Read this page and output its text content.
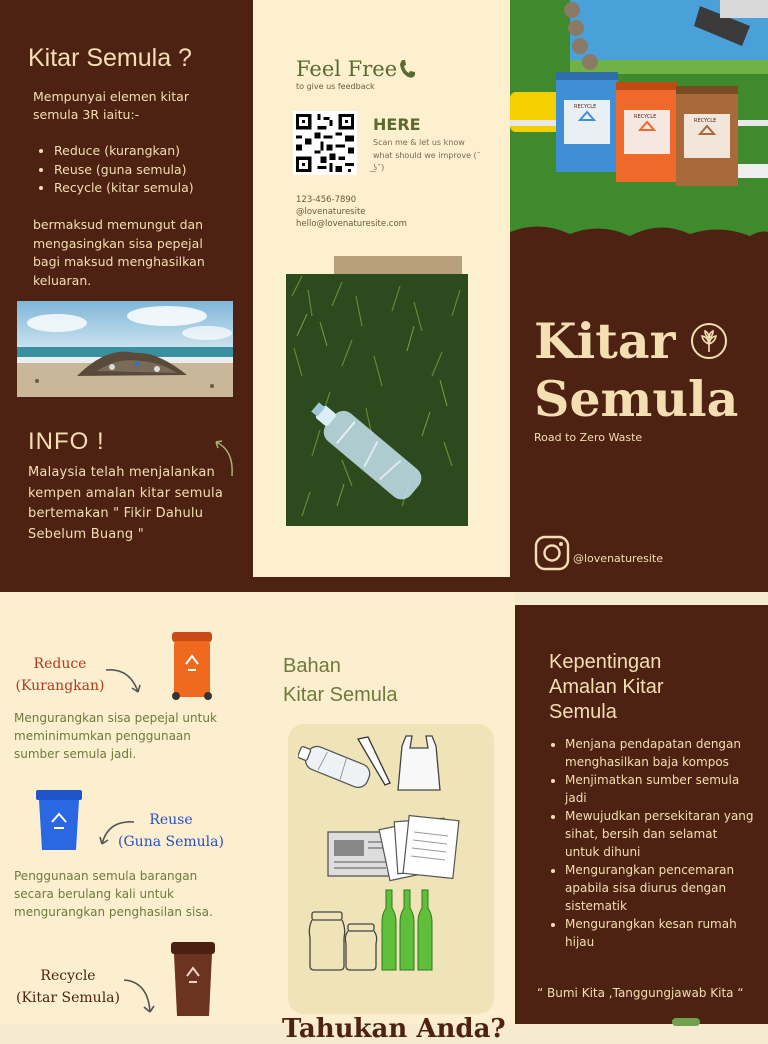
Kitar Semula ?
Mempunyai elemen kitar semula 3R iaitu:-
• Reduce (kurangkan)
• Reuse (guna semula)
• Recycle (kitar semula)
bermaksud memungut dan mengasingkan sisa pepejal bagi maksud menghasilkan keluaran.
INFO !
Malaysia telah menjalankan kempen amalan kitar semula bertemakan " Fikir Dahulu Sebelum Buang "
Feel Free
to give us feedback
HERE
Scan me & let us know what should we improve (˘ ͜ʖ˘)
123-456-7890
@lovenaturesite
hello@lovenaturesite.com
RECYCLE
RECYCLE
RECYCLE
Kitar
Semula
Road to Zero Waste
@lovenaturesite
Reduce
(Kurangkan)
Mengurangkan sisa pepejal untuk meminimumkan penggunaan sumber semula jadi.
Reuse
(Guna Semula)
Penggunaan semula barangan secara berulang kali untuk mengurangkan penghasilan sisa.
Recycle
(Kitar Semula)
Bahan
Kitar Semula
Tahukan Anda?
Kepentingan
Amalan Kitar
Semula
• Menjana pendapatan dengan menghasilkan baja kompos
• Menjimatkan sumber semula jadi
• Mewujudkan persekitaran yang sihat, bersih dan selamat untuk dihuni
• Mengurangkan pencemaran apabila sisa diurus dengan sistematik
• Mengurangkan kesan rumah hijau
“ Bumi Kita ,Tanggungjawab Kita “
